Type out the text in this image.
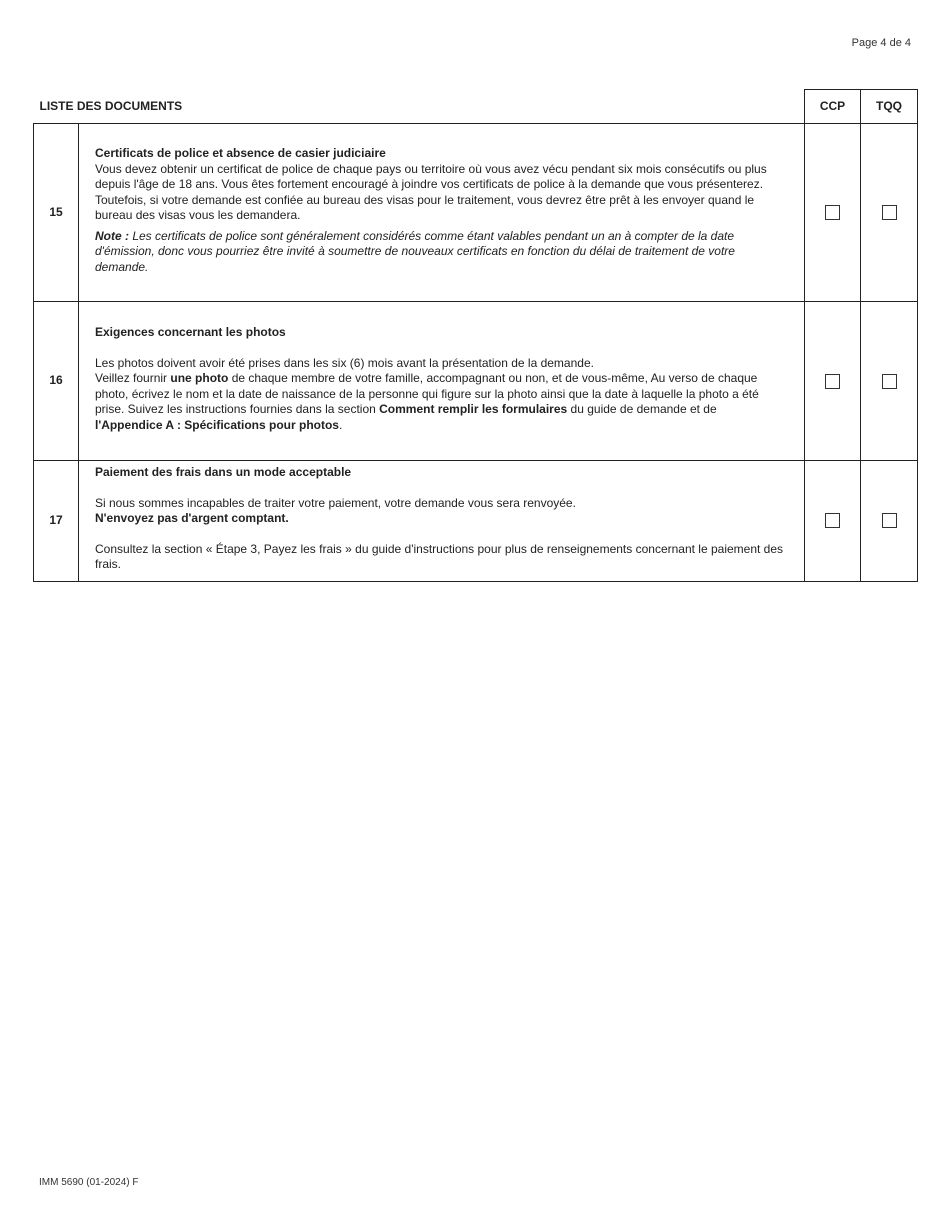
Page 4 de 4
LISTE DES DOCUMENTS		CCP	TQQ
15	Certificats de police et absence de casier judiciaire

Vous devez obtenir un certificat de police de chaque pays ou territoire où vous avez vécu pendant six mois consécutifs ou plus depuis l'âge de 18 ans. Vous êtes fortement encouragé à joindre vos certificats de police à la demande que vous présenterez.

Toutefois, si votre demande est confiée au bureau des visas pour le traitement, vous devrez être prêt à les envoyer quand le bureau des visas vous les demandera.

Note : Les certificats de police sont généralement considérés comme étant valables pendant un an à compter de la date d'émission, donc vous pourriez être invité à soumettre de nouveaux certificats en fonction du délai de traitement de votre demande.		

16	Exigences concernant les photos

Les photos doivent avoir été prises dans les six (6) mois avant la présentation de la demande.

Veillez fournir une photo de chaque membre de votre famille, accompagnant ou non, et de vous-même, Au verso de chaque photo, écrivez le nom et la date de naissance de la personne qui figure sur la photo ainsi que la date à laquelle la photo a été prise. Suivez les instructions fournies dans la section Comment remplir les formulaires du guide de demande et de l'Appendice A : Spécifications pour photos.		

17	Paiement des frais dans un mode acceptable

Si nous sommes incapables de traiter votre paiement, votre demande vous sera renvoyée.

N'envoyez pas d'argent comptant.

Consultez la section « Étape 3, Payez les frais » du guide d'instructions pour plus de renseignements concernant le paiement des frais.		

IMM 5690 (01-2024) F
